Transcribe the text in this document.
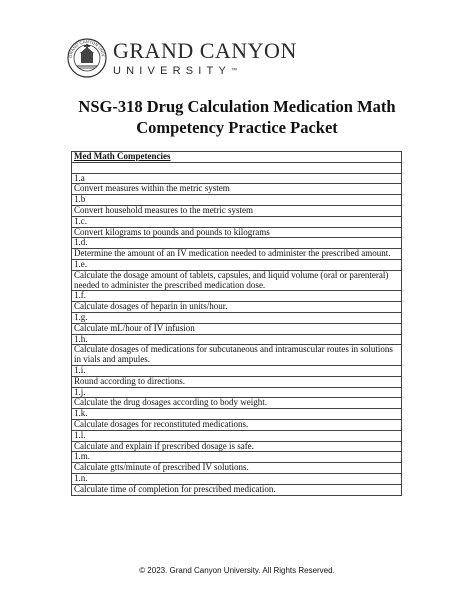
GRAND CANYON UNIV GRAND CANYON
UNIVERSITY™
NSG-318 Drug Calculation Medication Math
Competency Practice Packet
Med Math Competencies

1.a
Convert measures within the metric system
1.b
Convert household measures to the metric system
1.c.
Convert kilograms to pounds and pounds to kilograms
1.d.
Determine the amount of an IV medication needed to administer the prescribed amount.
1.e.
Calculate the dosage amount of tablets, capsules, and liquid volume (oral or parenteral) needed to administer the prescribed medication dose.
1.f.
Calculate dosages of heparin in units/hour.
1.g.
Calculate mL/hour of IV infusion
1.h.
Calculate dosages of medications for subcutaneous and intramuscular routes in solutions in vials and ampules.
1.i.
Round according to directions.
1.j.
Calculate the drug dosages according to body weight.
1.k.
Calculate dosages for reconstituted medications.
1.l.
Calculate and explain if prescribed dosage is safe.
1.m.
Calculate gtts/minute of prescribed IV solutions.
1.n.
Calculate time of completion for prescribed medication.
© 2023. Grand Canyon University. All Rights Reserved.
